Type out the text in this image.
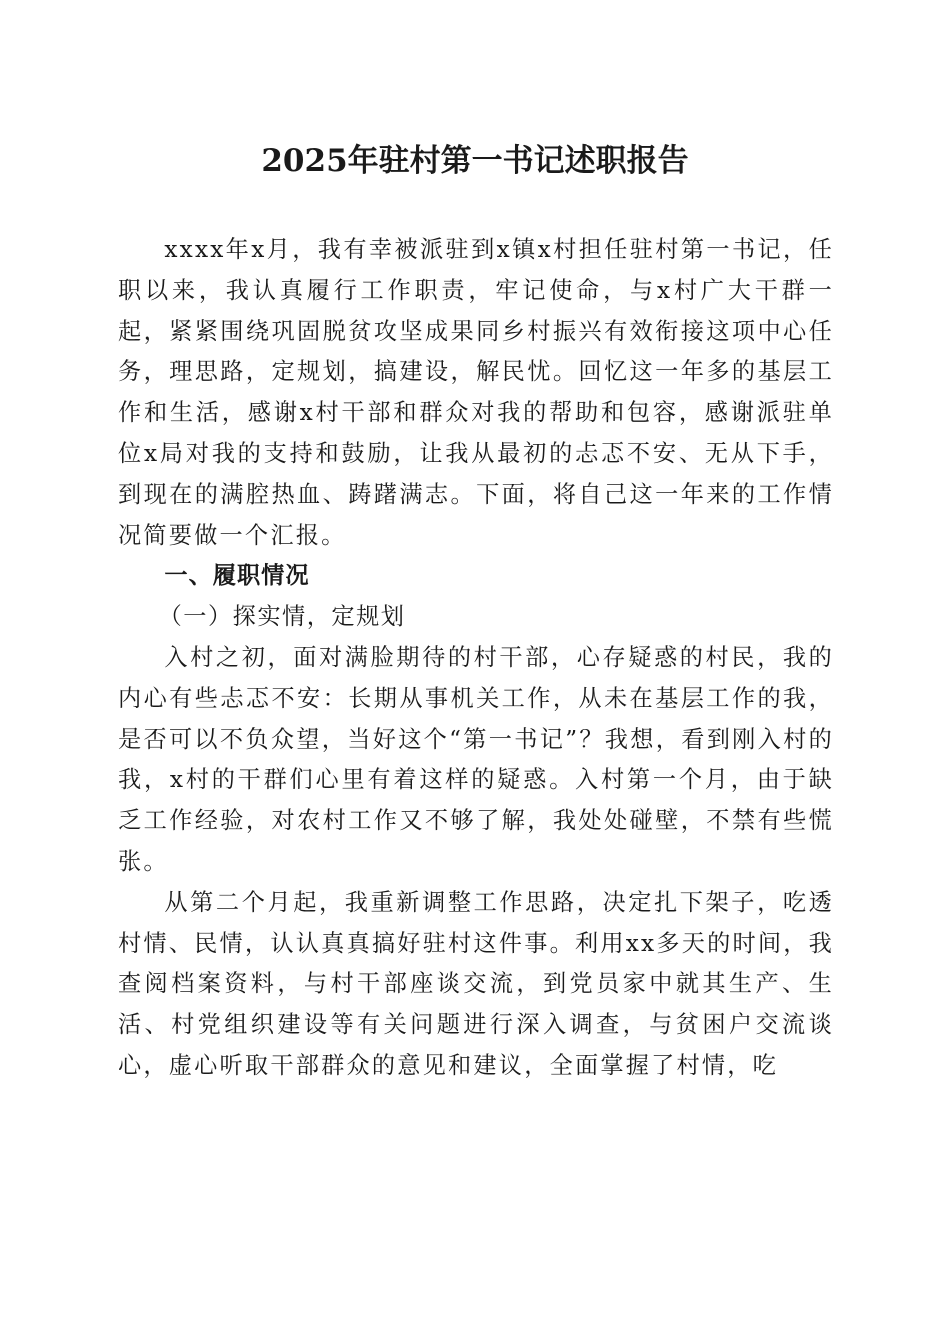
2025年驻村第一书记述职报告

xxxx年x月，我有幸被派驻到x镇x村担任驻村第一书记，任职以来，我认真履行工作职责，牢记使命，与x村广大干群一起，紧紧围绕巩固脱贫攻坚成果同乡村振兴有效衔接这项中心任务，理思路，定规划，搞建设，解民忧。回忆这一年多的基层工作和生活，感谢x村干部和群众对我的帮助和包容，感谢派驻单位x局对我的支持和鼓励，让我从最初的忐忑不安、无从下手，到现在的满腔热血、踌躇满志。下面，将自己这一年来的工作情况简要做一个汇报。

一、履职情况

（一）探实情，定规划

入村之初，面对满脸期待的村干部，心存疑惑的村民，我的内心有些忐忑不安：长期从事机关工作，从未在基层工作的我，是否可以不负众望，当好这个“第一书记”？我想，看到刚入村的我，x村的干群们心里有着这样的疑惑。入村第一个月，由于缺乏工作经验，对农村工作又不够了解，我处处碰壁，不禁有些慌张。

从第二个月起，我重新调整工作思路，决定扎下架子，吃透村情、民情，认认真真搞好驻村这件事。利用xx多天的时间，我查阅档案资料，与村干部座谈交流，到党员家中就其生产、生活、村党组织建设等有关问题进行深入调查，与贫困户交流谈心，虚心听取干部群众的意见和建议，全面掌握了村情，吃
